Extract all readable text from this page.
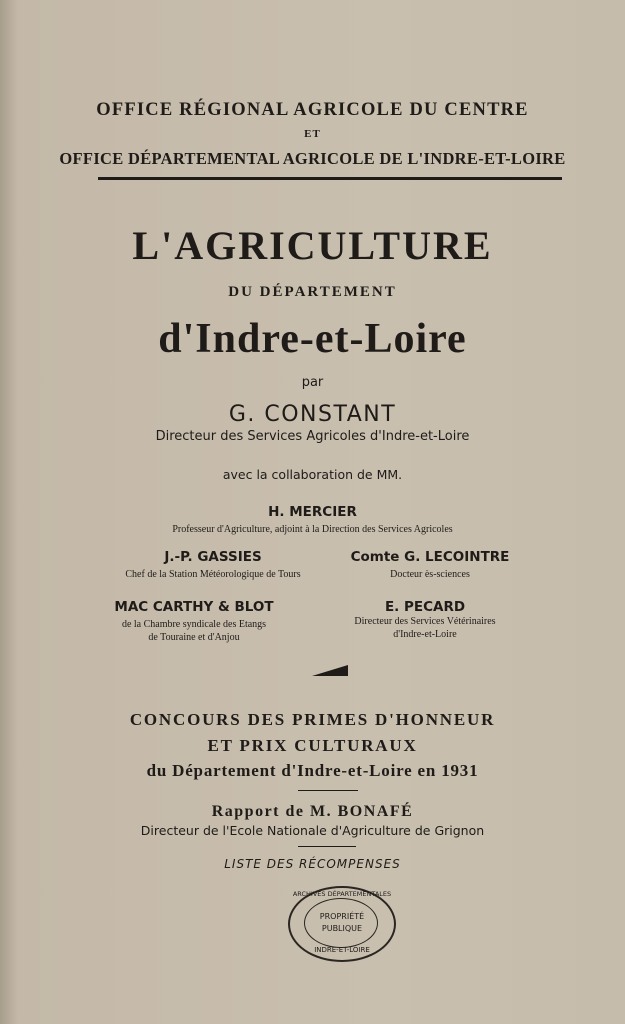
OFFICE RÉGIONAL AGRICOLE DU CENTRE
ET
OFFICE DÉPARTEMENTAL AGRICOLE DE L'INDRE-ET-LOIRE
L'AGRICULTURE
DU DÉPARTEMENT
d'Indre-et-Loire
par
G. CONSTANT
Directeur des Services Agricoles d'Indre-et-Loire
avec la collaboration de MM.
H. MERCIER
Professeur d'Agriculture, adjoint à la Direction des Services Agricoles
J.-P. GASSIES
Chef de la Station Météorologique de Tours
Comte G. LECOINTRE
Docteur ès-sciences
MAC CARTHY & BLOT
de la Chambre syndicale des Etangs
de Touraine et d'Anjou
E. PECARD
Directeur des Services Vétérinaires
d'Indre-et-Loire
CONCOURS DES PRIMES D'HONNEUR
ET PRIX CULTURAUX
du Département d'Indre-et-Loire en 1931
Rapport de M. BONAFÉ
Directeur de l'Ecole Nationale d'Agriculture de Grignon
LISTE DES RÉCOMPENSES
ARCHIVES DÉPARTEMENTALES
PROPRIÉTÉ
PUBLIQUE
INDRE-ET-LOIRE
